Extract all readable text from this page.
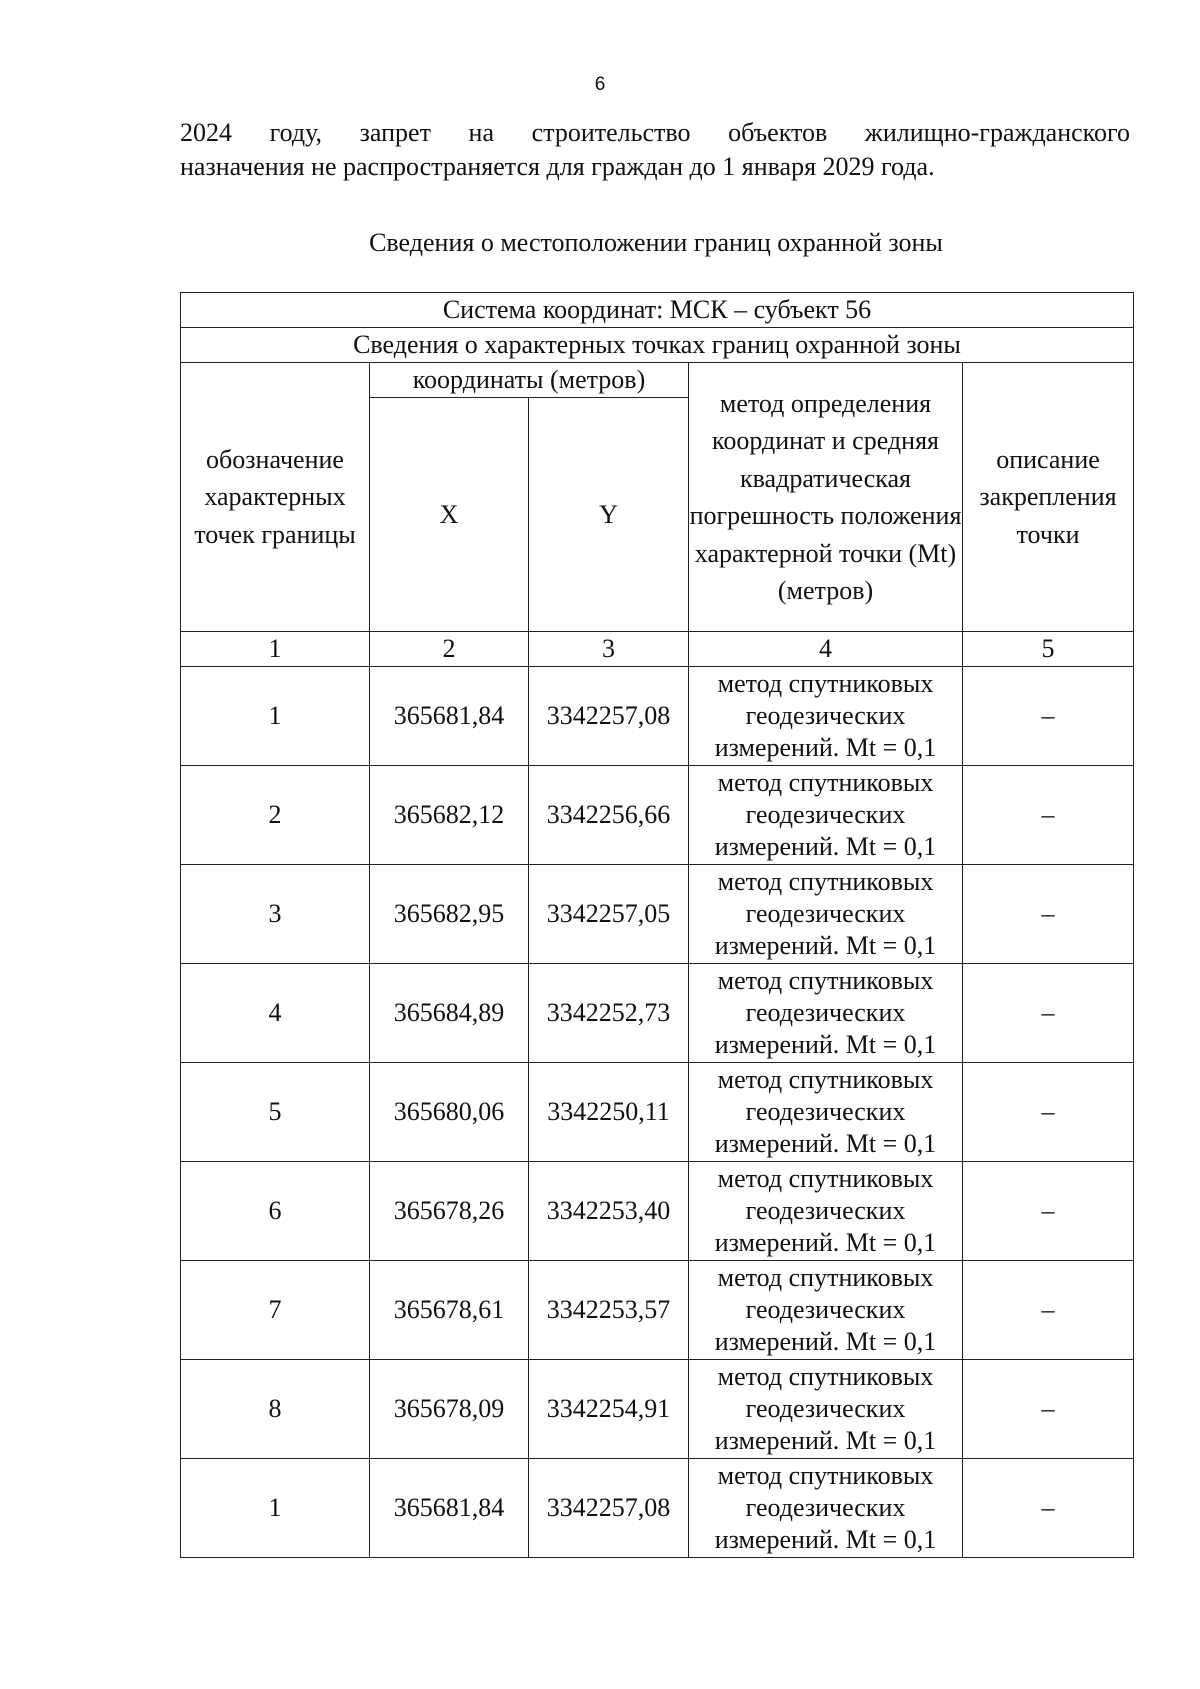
6

2024 году, запрет на строительство объектов жилищно-гражданского
назначения не распространяется для граждан до 1 января 2029 года.

Сведения о местоположении границ охранной зоны

Система координат: МСК – субъект 56				
Сведения о характерных точках границ охранной зоны				
обозначение характерных точек границы	координаты (метров)		метод определения координат и средняя квадратическая погрешность положения характерной точки (Mt) (метров)	описание закрепления точки
	X	Y		
1	2	3	4	5
1	365681,84	3342257,08	метод спутниковых геодезических измерений. Mt = 0,1	–
2	365682,12	3342256,66	метод спутниковых геодезических измерений. Mt = 0,1	–
3	365682,95	3342257,05	метод спутниковых геодезических измерений. Mt = 0,1	–
4	365684,89	3342252,73	метод спутниковых геодезических измерений. Mt = 0,1	–
5	365680,06	3342250,11	метод спутниковых геодезических измерений. Mt = 0,1	–
6	365678,26	3342253,40	метод спутниковых геодезических измерений. Mt = 0,1	–
7	365678,61	3342253,57	метод спутниковых геодезических измерений. Mt = 0,1	–
8	365678,09	3342254,91	метод спутниковых геодезических измерений. Mt = 0,1	–
1	365681,84	3342257,08	метод спутниковых геодезических измерений. Mt = 0,1	–
